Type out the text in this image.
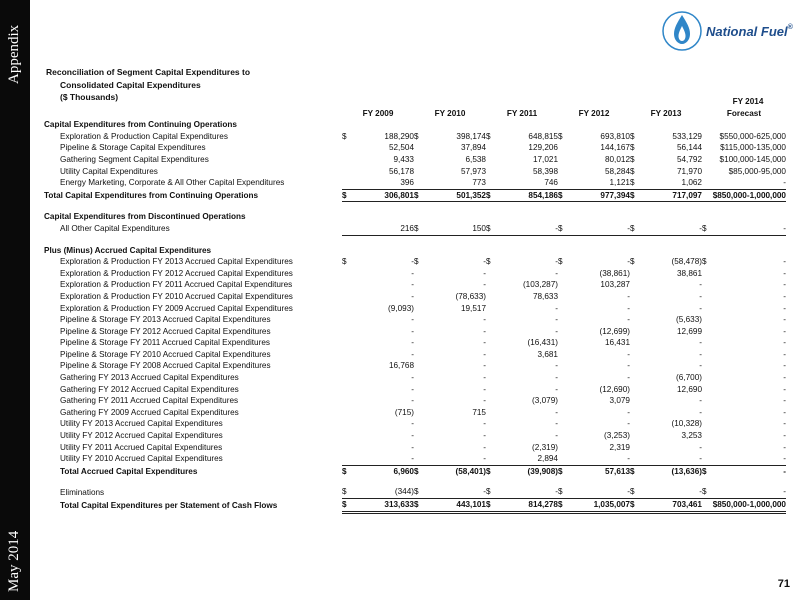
Appendix
May 2014
National Fuel®
Reconciliation of Segment Capital Expenditures to
Consolidated Capital Expenditures
($ Thousands)
													FY 2014
	FY 2009		FY 2010		FY 2011		FY 2012		FY 2013		Forecast	
Capital Expenditures from Continuing Operations												
Exploration & Production Capital Expenditures	$	188,290	$	398,174	$	648,815	$	693,810	$	533,129		$550,000-625,000
Pipeline & Storage Capital Expenditures		52,504		37,894		129,206		144,167	$	56,144		$115,000-135,000
Gathering Segment Capital Expenditures		9,433		6,538		17,021		80,012	$	54,792		$100,000-145,000
Utility Capital Expenditures		56,178		57,973		58,398		58,284	$	71,970		$85,000-95,000
Energy Marketing, Corporate & All Other Capital Expenditures		396		773		746		1,121	$	1,062		-
Total Capital Expenditures from Continuing Operations	$	306,801	$	501,352	$	854,186	$	977,394	$	717,097		$850,000-1,000,000

Capital Expenditures from Discontinued Operations												
All Other Capital Expenditures		216	$	150	$	-	$	-	$	-	$	-

Plus (Minus) Accrued Capital Expenditures												
Exploration & Production FY 2013 Accrued Capital Expenditures	$	-	$	-	$	-	$	-	$	(58,478)	$	-
Exploration & Production FY 2012 Accrued Capital Expenditures		-		-		-		(38,861)		38,861		-
Exploration & Production FY 2011 Accrued Capital Expenditures		-		-		(103,287)		103,287		-		-
Exploration & Production FY 2010 Accrued Capital Expenditures		-		(78,633)		78,633		-		-		-
Exploration & Production FY 2009 Accrued Capital Expenditures		(9,093)		19,517		-		-		-		-
Pipeline & Storage FY 2013 Accrued Capital Expenditures		-		-		-		-		(5,633)		-
Pipeline & Storage FY 2012 Accrued Capital Expenditures		-		-		-		(12,699)		12,699		-
Pipeline & Storage FY 2011 Accrued Capital Expenditures		-		-		(16,431)		16,431		-		-
Pipeline & Storage FY 2010 Accrued Capital Expenditures		-		-		3,681		-		-		-
Pipeline & Storage FY 2008 Accrued Capital Expenditures		16,768		-		-		-		-		-
Gathering FY 2013 Accrued Capital Expenditures		-		-		-		-		(6,700)		-
Gathering FY 2012 Accrued Capital Expenditures		-		-		-		(12,690)		12,690		-
Gathering FY 2011 Accrued Capital Expenditures		-		-		(3,079)		3,079		-		-
Gathering FY 2009 Accrued Capital Expenditures		(715)		715		-		-		-		-
Utility FY 2013 Accrued Capital Expenditures		-		-		-		-		(10,328)		-
Utility FY 2012 Accrued Capital Expenditures		-		-		-		(3,253)		3,253		-
Utility FY 2011 Accrued Capital Expenditures		-		-		(2,319)		2,319		-		-
Utility FY 2010 Accrued Capital Expenditures		-		-		2,894		-		-		-
Total Accrued Capital Expenditures	$	6,960	$	(58,401)	$	(39,908)	$	57,613	$	(13,636)	$	-

Eliminations	$	(344)	$	-	$	-	$	-	$	-	$	-
Total Capital Expenditures per Statement of Cash Flows	$	313,633	$	443,101	$	814,278	$	1,035,007	$	703,461		$850,000-1,000,000
71
